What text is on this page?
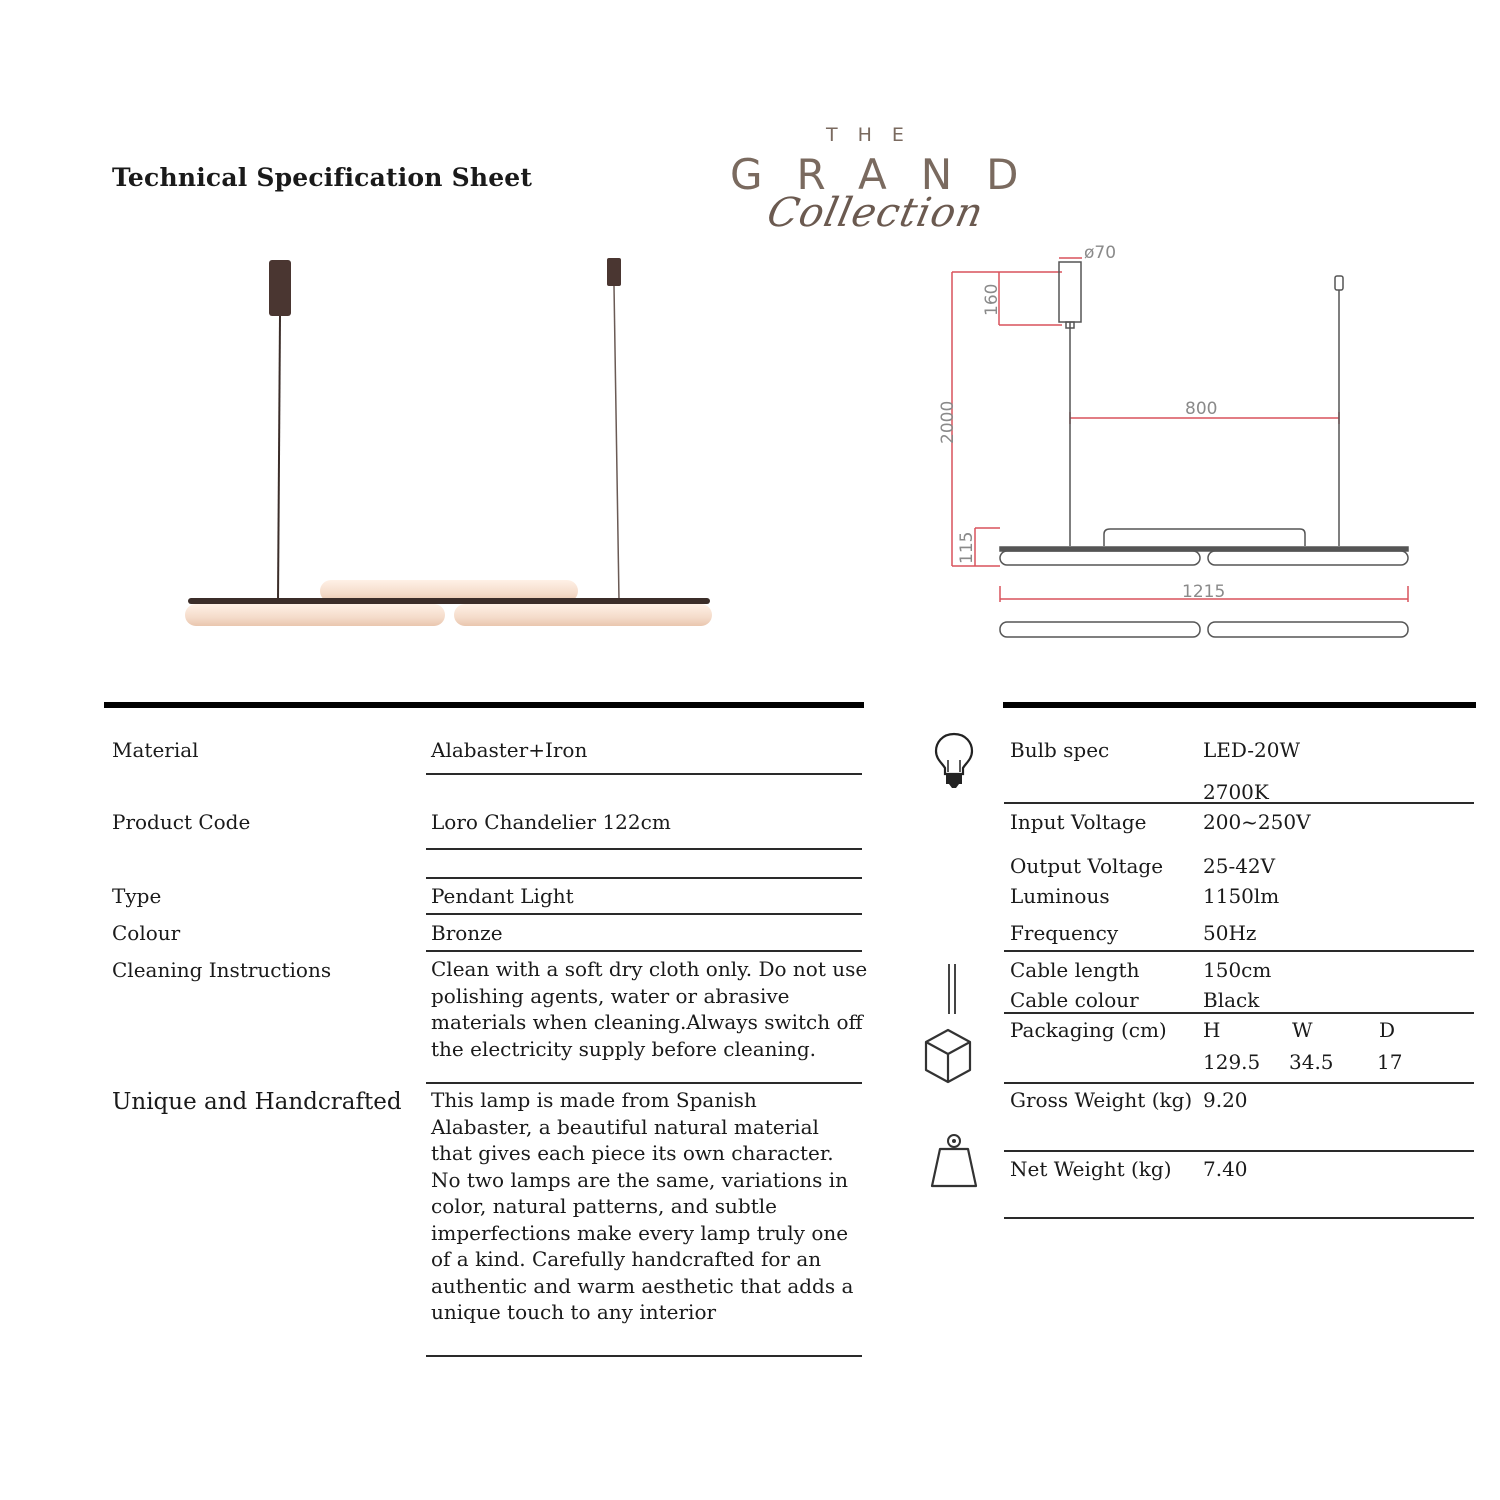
Technical Specification Sheet
THE
GRAND
Collection
ø70
160
2000	800
115
1215
Material	Alabaster+Iron
Product Code	Loro Chandelier 122cm
Type	Pendant Light
Colour	Bronze
Cleaning Instructions	Clean with a soft dry cloth only. Do not use polishing agents, water or abrasive materials when cleaning.Always switch off the electricity supply before cleaning.
Unique and Handcrafted This lamp is made from Spanish Alabaster, a beautiful natural material that gives each piece its own character. No two lamps are the same, variations in color, natural patterns, and subtle imperfections make every lamp truly one of a kind. Carefully handcrafted for an authentic and warm aesthetic that adds a unique touch to any interior
Bulb spec	LED-20W
2700K
Input Voltage	200~250V
Output Voltage 25-42V
Luminous	1150lm
Frequency	50Hz
Cable length	150cm
Cable colour	Black
Packaging (cm) H	W	D
129.5 34.5 17
Gross Weight (kg) 9.20
Net Weight (kg) 7.40
